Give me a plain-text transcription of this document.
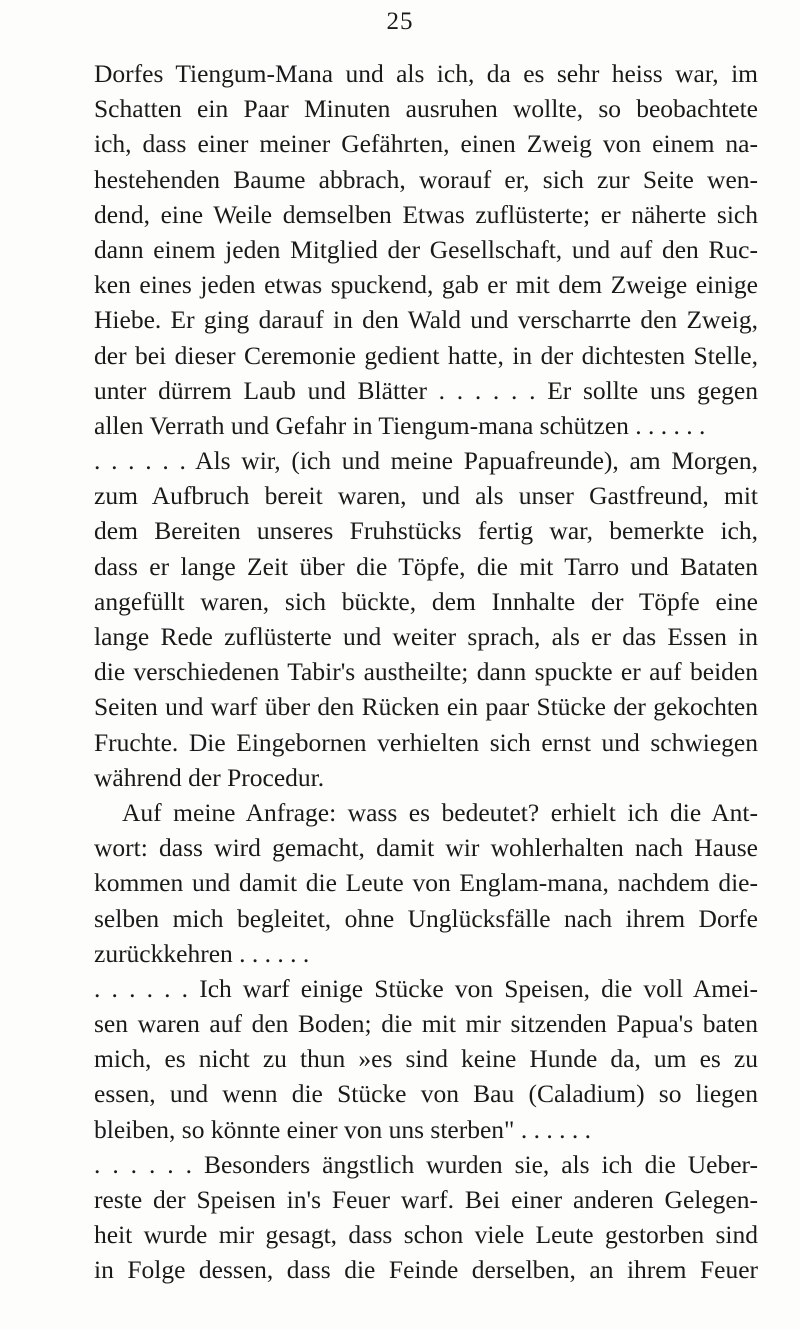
25
Dorfes Tiengum-Mana und als ich, da es sehr heiss war, im
Schatten ein Paar Minuten ausruhen wollte, so beobachtete
ich, dass einer meiner Gefährten, einen Zweig von einem na-
hestehenden Baume abbrach, worauf er, sich zur Seite wen-
dend, eine Weile demselben Etwas zuflüsterte; er näherte sich
dann einem jeden Mitglied der Gesellschaft, und auf den Ruc-
ken eines jeden etwas spuckend, gab er mit dem Zweige einige
Hiebe. Er ging darauf in den Wald und verscharrte den Zweig,
der bei dieser Ceremonie gedient hatte, in der dichtesten Stelle,
unter dürrem Laub und Blätter . . . . . . Er sollte uns gegen
allen Verrath und Gefahr in Tiengum-mana schützen . . . . . .
. . . . . . Als wir, (ich und meine Papuafreunde), am Morgen,
zum Aufbruch bereit waren, und als unser Gastfreund, mit
dem Bereiten unseres Fruhstücks fertig war, bemerkte ich,
dass er lange Zeit über die Töpfe, die mit Tarro und Bataten
angefüllt waren, sich bückte, dem Innhalte der Töpfe eine
lange Rede zuflüsterte und weiter sprach, als er das Essen in
die verschiedenen Tabir's austheilte; dann spuckte er auf beiden
Seiten und warf über den Rücken ein paar Stücke der gekochten
Fruchte. Die Eingebornen verhielten sich ernst und schwiegen
während der Procedur.
Auf meine Anfrage: wass es bedeutet? erhielt ich die Ant-
wort: dass wird gemacht, damit wir wohlerhalten nach Hause
kommen und damit die Leute von Englam-mana, nachdem die-
selben mich begleitet, ohne Unglücksfälle nach ihrem Dorfe
zurückkehren . . . . . .
. . . . . . Ich warf einige Stücke von Speisen, die voll Amei-
sen waren auf den Boden; die mit mir sitzenden Papua's baten
mich, es nicht zu thun »es sind keine Hunde da, um es zu
essen, und wenn die Stücke von Bau (Caladium) so liegen
bleiben, so könnte einer von uns sterben" . . . . . .
. . . . . . Besonders ängstlich wurden sie, als ich die Ueber-
reste der Speisen in's Feuer warf. Bei einer anderen Gelegen-
heit wurde mir gesagt, dass schon viele Leute gestorben sind
in Folge dessen, dass die Feinde derselben, an ihrem Feuer
